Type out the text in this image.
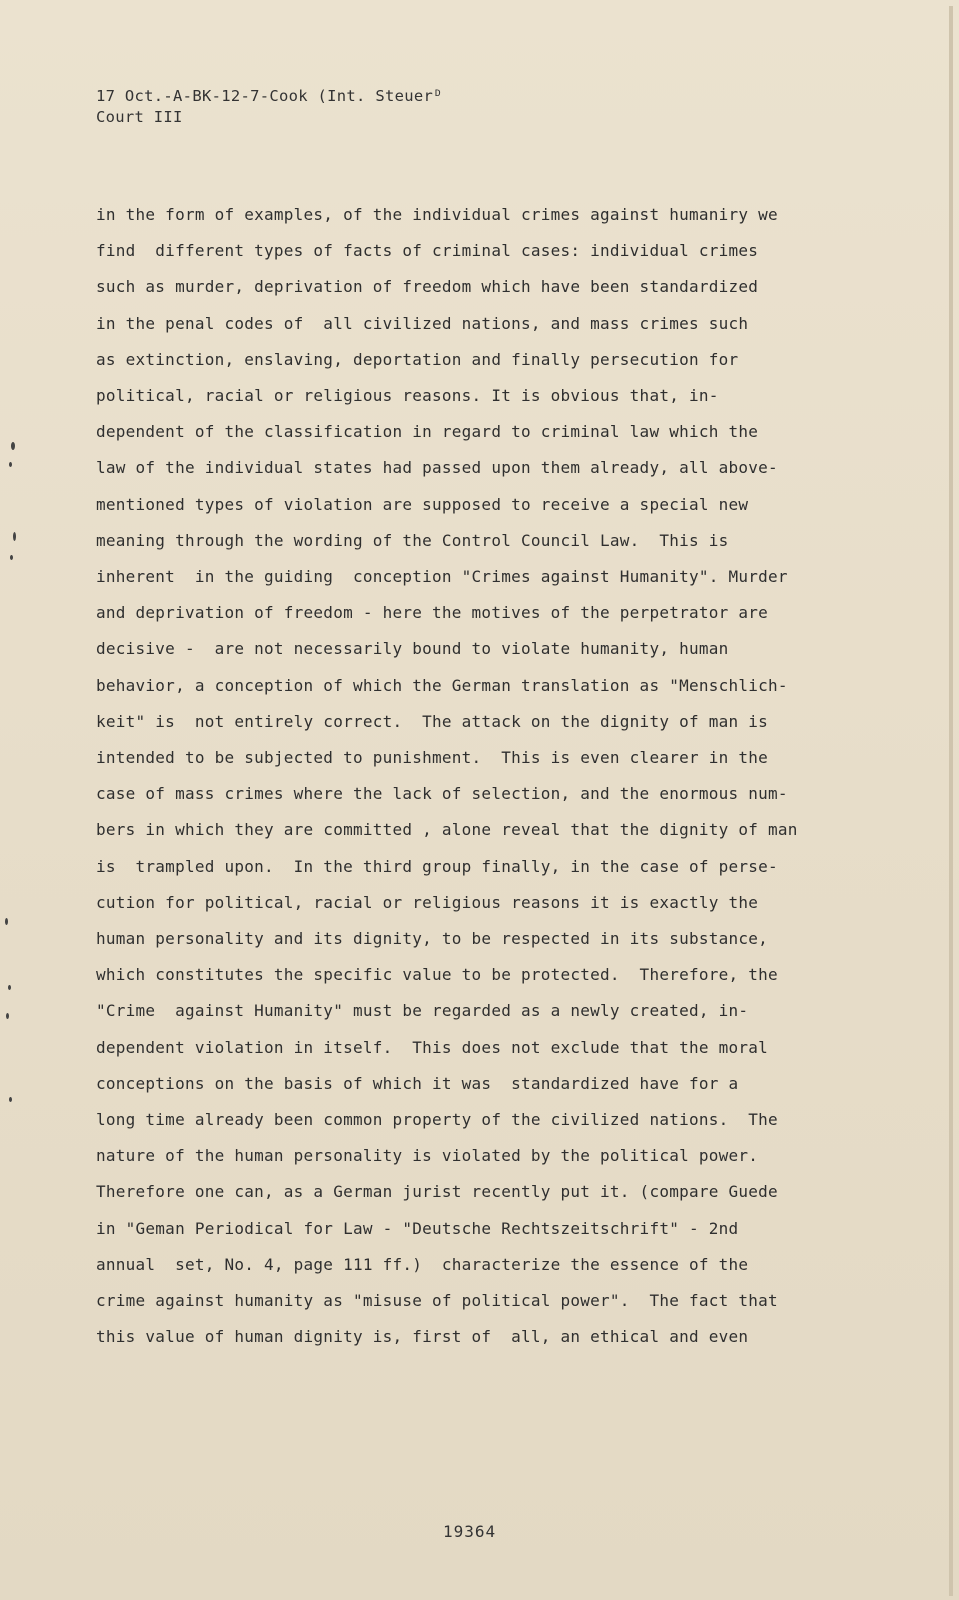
17 Oct.-A-BK-12-7-Cook (Int. Steuerᴰ
Court III
in the form of examples, of the individual crimes against humaniry we
find  different types of facts of criminal cases: individual crimes
such as murder, deprivation of freedom which have been standardized
in the penal codes of  all civilized nations, and mass crimes such
as extinction, enslaving, deportation and finally persecution for
political, racial or religious reasons. It is obvious that, in-
dependent of the classification in regard to criminal law which the
law of the individual states had passed upon them already, all above-
mentioned types of violation are supposed to receive a special new
meaning through the wording of the Control Council Law.  This is
inherent  in the guiding  conception "Crimes against Humanity". Murder
and deprivation of freedom - here the motives of the perpetrator are
decisive -  are not necessarily bound to violate humanity, human
behavior, a conception of which the German translation as "Menschlich-
keit" is  not entirely correct.  The attack on the dignity of man is
intended to be subjected to punishment.  This is even clearer in the
case of mass crimes where the lack of selection, and the enormous num-
bers in which they are committed , alone reveal that the dignity of man
is  trampled upon.  In the third group finally, in the case of perse-
cution for political, racial or religious reasons it is exactly the
human personality and its dignity, to be respected in its substance,
which constitutes the specific value to be protected.  Therefore, the
"Crime  against Humanity" must be regarded as a newly created, in-
dependent violation in itself.  This does not exclude that the moral
conceptions on the basis of which it was  standardized have for a
long time already been common property of the civilized nations.  The
nature of the human personality is violated by the political power.
Therefore one can, as a German jurist recently put it. (compare Guede
in "Geman Periodical for Law - "Deutsche Rechtszeitschrift" - 2nd
annual  set, No. 4, page 111 ff.)  characterize the essence of the
crime against humanity as "misuse of political power".  The fact that
this value of human dignity is, first of  all, an ethical and even
19364
